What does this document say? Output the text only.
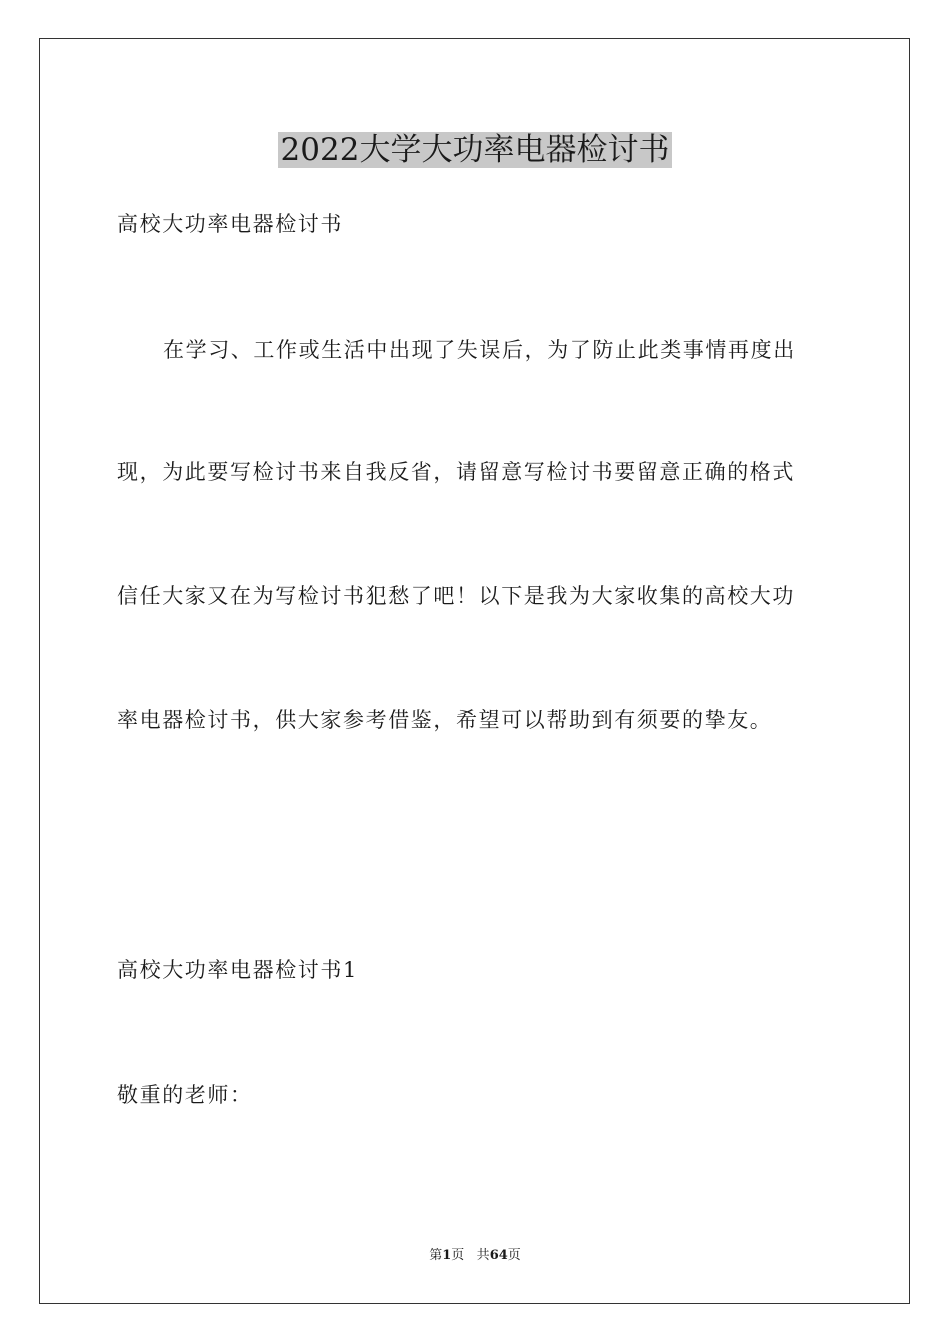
2022大学大功率电器检讨书

高校大功率电器检讨书

在学习、工作或生活中出现了失误后，为了防止此类事情再度出

现，为此要写检讨书来自我反省，请留意写检讨书要留意正确的格式

信任大家又在为写检讨书犯愁了吧！以下是我为大家收集的高校大功

率电器检讨书，供大家参考借鉴，希望可以帮助到有须要的挚友。

高校大功率电器检讨书1

敬重的老师：

第1页 共64页
